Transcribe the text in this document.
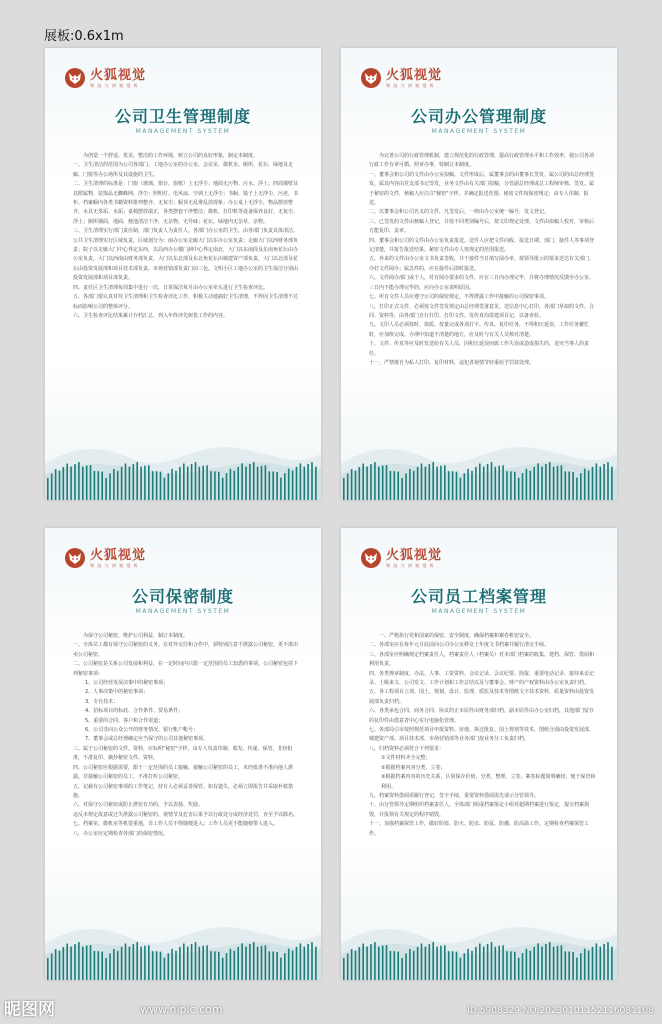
展板:0.6x1m
火狐视觉
和 况 九 初 视 觉 传
公司卫生管理制度
MANAGEMENT SYSTEM

为创造一个舒适、优美、整洁的工作环境，树立公司的良好形象，制定本制度。

一、卫生清洁的范围为公司各部门、工地办公室的办公室、会议室、微机室、厕所、花坛、绿地及走廊、门窗等办公场所及其设施的卫生。

二、卫生清理的标准是：门窗（玻璃、窗台、窗框）上无浮尘；地面无污物、污水、浮土；四周墙壁及其附属物、装饰品无蜘蛛网、浮尘；照明灯、电风扇、空调上无浮尘；书橱、镜子上无浮尘、污迹，书柜、档案橱内各类书籍资料排列整齐，无灰尘；橱顶无乱堆乱放现象；办公桌上无浮尘，物品摆放整齐，水具无茶垢、水垢；桌椅摆放端正，各类摆套干净整洁；微机、打印机等设备保养良好，无灰尘、浮土；厕所墙面、地面，便池清洁干净，无杂物、无异味；花坛、绿地内无杂草、杂物。

三、卫生清理实行部门责任制，部门负责人为责任人。各部门办公室的卫生，由各部门负责具体清洁。公共卫生清理实行区域负责，区域划分为：南办公室走廊大门以东办公室负责；走廊大门以西财务部负责；院子以走廊大门中心界定东西，以局西办公楼门洞中心界定南北，大门以东南段及东南角花坛由办公室负责，大门以西南由财务部负责，大门以东北部及东北角花坛由城建资产部负责，大门以北部及花坛由投资发展部和项目技术部负责。市场营销部负责门前三包。文明小区工地办公室的卫生保洁分别由投资发展部和项目部负责。

四、责任区卫生清理每周集中进行一次，日常保洁每月由办公室牵头进行卫生检查评比。

五、各部门要认真对待卫生清理和卫生检查评比工作，积极主动地搞好卫生清理，不得因卫生清理不达标而影响公司的整体评分。

六、卫生检查评比结果累计存档汇总，列入年终评先树优工作的内容。

火狐视觉
和 况 九 初 视 觉 传
公司办公管理制度
MANAGEMENT SYSTEM

为完善公司的行政管理机制，建立规范化的行政管理，提高行政管理水平和工作效率，使公司各项行政工作有章可循、照章办事，特制订本制度。

一、董事会和公司的文件由办公室拟稿。文件形成后，属董事会的由董事长签发，属公司的由总经理签发，属其内容由党支部书记签发，业务文件由有关部门拟稿，分管副总经理或总工程师审核、签发。属于秘密的文件，核稿人应注注"秘密"字样，并确定报送范围。秘密文件按保密规定；由专人印制、报送。

二、以董事会和公司名义的文件，凡签发后，一律由办公室统一编号，发文登记。

三、已签发的文件由核稿人登记，并按不同类别编号后，按文印规定处理。文件由拟稿人校对，审核后方能复印、盖章。

四、董事会和公司的文件由办公室负责报送。送件人应把文件向收、报送日期、部门、接件人等事项登记清楚，并报告报送结果。秘密文件由专人按规定的范围报送。

五、外来的文件由办公室文书负责签收，并于接件当日填写阅办单，按领导批示的要求送达有关部门，办好文件阅办；属急件的，应在接件后即时报送。

六、文件阅办部门或个人，对有阅办要求的文件，应在三日内办理完毕，并将办理情况反馈至办公室。三日内不能办理完毕的，应向办公室说明原因。

七、所有文件人员应遵守公司的保密规定，不得泄露工作中接触的公司保密事项。

八、打印正式文件，必须按文件签发规定由总经理签署意见，送信息中心打印，各部门草拟的文件、合同、资料等，由各部门自行打印。打印文件、发传真均需建项目记，以备查验。

九、文印人员必须按时、按质、按量完成各项打字、传真、复印任务，不得积压延误，工作任务繁忙时，应加班完成。办理中知道不清楚的地方，应及时与有关人员核对清楚。

十、文件、传真等应及时发送给有关人员，因积压延误而致工作失误或造成损失的，追究当事人的责任。

十一、严禁擅自为私人打印、复印材料，违犯者视情节轻重给予罚款处理。

火狐视觉
和 况 九 初 视 觉 传
公司保密制度
MANAGEMENT SYSTEM

为保守公司秘密，维护公司利益，制订本制度。

一、全体员工都有保守公司秘密的义务。在对外交往和合作中，须特别注意不泄露公司秘密，更不准出卖公司秘密。

二、公司秘密是关系公司发展和利益，在一定时间内只限一定范围的员工知悉的事项。公司秘密包括下列秘密事项：

1、公司经营发展决策中的秘密事项；

2、人事决策中的秘密事项；

3、专有技术；

4、招标项目的标底、合作条件、贸易条件；

5、重要的合同、客户和合作渠道；

6、公司非向公众公开的财务情况、银行帐户帐号；

7、董事会或总经理确定应当保守的公司其他秘密事项。

三、属于公司秘密的文件、资料，应标明"秘密"字样，由专人负责印制、收发、传递、保管，非经批准，不准复印、摘抄秘密文件、资料。

四、公司秘密应根据需要，限于一定范围的员工接触。接触公司秘密的员工，未经批准不准向他人泄露。非接触公司秘密的员工，不准打听公司秘密。

五、记载有公司秘密事项的工作笔记，持有人必须妥善保管。如有遗失，必须立即报告并采取补救措施。

六、对保守公司秘密或防止泄密有功的，予以表扬、奖励。

违反本规定故意或过失泄露公司秘密的，视情节及危害后果予以行政处分或经济处罚，直至予以除名。

七、档案室、微机室等机要重地，非工作人员不得随便进入；工作人员更不能随便带人进入。

八、办公室应定期检查各部门的保密情况。

火狐视觉
和 况 九 初 视 觉 传
公司员工档案管理
MANAGEMENT SYSTEM

一、严格执行党和国家的保密、安全制度，确保档案和案卷机密安全。

二、各部室应在每年元月底前向公司办公室移交上年度文书档案并履行清交手续。

三、各部室应明确规定档案责任人，档案责任人（档案员）对本部门档案的收集、建档、保管、借阅和利用负责。

四、各类规章制度、办法、人事、工资资料、会议记录、会议纪要、简报、重要电话记录、接待来访记录、上级来文、公司发文、工作计划和工作总结以及与董事会、财产的产权资料由办公室负责归档。

五、各工程项目立项、国土、规划、设计、监理、质监及技术等图纸文字技术资料、质量资料由投资发展部负责归档。

六、各类承包合同、商务合同、协议的正本原件由财务部归档，副本原件由办公室归档，其他部门留存的复印件由借意者中心实行电脑化管理。

七、各部局引市按照规范项目申报资料、征地、拆迁批复、国土规划等技术、图纸分别由投资发展部、城建资产部、项目技术部、市场营销部等业务部门按业务分工负责归档。

八、归档资料必须符合下列要求：

①文件材料齐全完整；

②根据档案内容分类、立卷；

③根据档案内容的历史关系，区别保存价值，分类、整理、立卷，案卷标题简明确切，便于保管和利用。

九、档案资料借阅需履行登记，签字手续，重要资料借阅需先请示分管领导。

十、由分管领导定期组织档案责任人，全体部门组成档案鉴定小组对超期档案进行鉴定，提交档案损毁，并报领有关规定的程序销毁。

十一、加强档案保管工作，做好防盗、防火、防虫、防鼠、防潮、防高温工作，定期检查档案保管工作。

昵图网	www.nipic.com	ID:5908329 NO:20230101152116081108
